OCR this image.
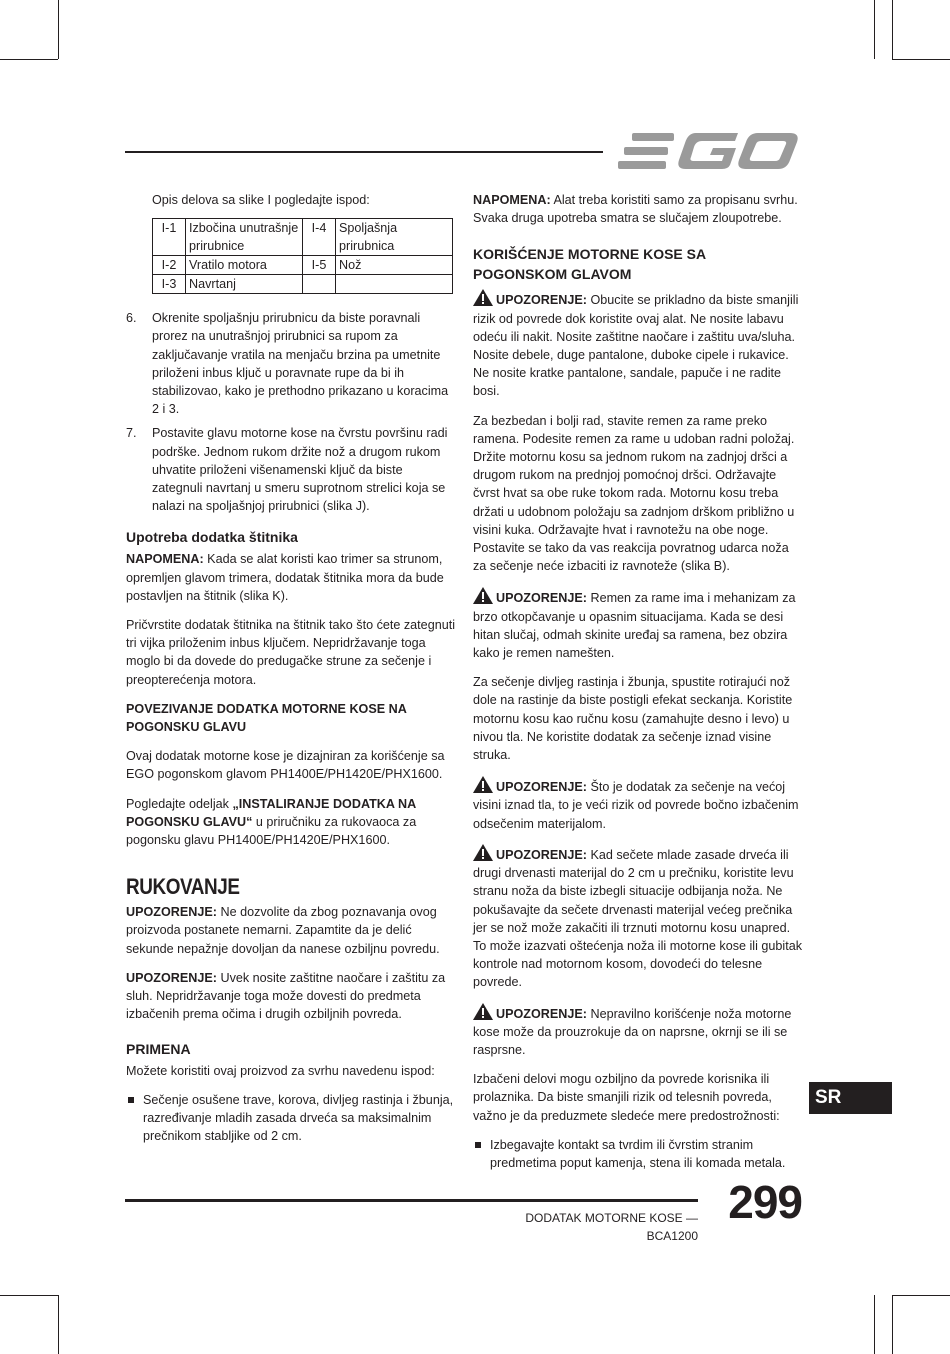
SR

Opis delova sa slike I pogledajte ispod:

I-1	Izbočina unutrašnje prirubnice	I-4	Spoljašnja prirubnica
I-2	Vratilo motora	I-5	Nož
I-3	Navrtanj		
6. Okrenite spoljašnju prirubnicu da biste poravnali prorez na unutrašnjoj prirubnici sa rupom za zaključavanje vratila na menjaču brzina pa umetnite priloženi inbus ključ u poravnate rupe da bi ih stabilizovao, kako je prethodno prikazano u koracima 2 i 3.

7. Postavite glavu motorne kose na čvrstu površinu radi podrške. Jednom rukom držite nož a drugom rukom uhvatite priloženi višenamenski ključ da biste zategnuli navrtanj u smeru suprotnom strelici koja se nalazi na spoljašnjoj prirubnici (slika J).

Upotreba dodatka štitnika

NAPOMENA: Kada se alat koristi kao trimer sa strunom, opremljen glavom trimera, dodatak štitnika mora da bude postavljen na štitnik (slika K).

Pričvrstite dodatak štitnika na štitnik tako što ćete zategnuti tri vijka priloženim inbus ključem. Nepridržavanje toga moglo bi da dovede do predugačke strune za sečenje i preopterećenja motora.

POVEZIVANJE DODATKA MOTORNE KOSE NA POGONSKU GLAVU

Ovaj dodatak motorne kose je dizajniran za korišćenje sa EGO pogonskom glavom PH1400E/PH1420E/PHX1600.

Pogledajte odeljak „INSTALIRANJE DODATKA NA POGONSKU GLAVU“ u priručniku za rukovaoca za pogonsku glavu PH1400E/PH1420E/PHX1600.

RUKOVANJE

UPOZORENJE: Ne dozvolite da zbog poznavanja ovog proizvoda postanete nemarni. Zapamtite da je delić sekunde nepažnje dovoljan da nanese ozbiljnu povredu.

UPOZORENJE: Uvek nosite zaštitne naočare i zaštitu za sluh. Nepridržavanje toga može dovesti do predmeta izbačenih prema očima i drugih ozbiljnih povreda.

PRIMENA

Možete koristiti ovaj proizvod za svrhu navedenu ispod:

Sečenje osušene trave, korova, divljeg rastinja i žbunja, razređivanje mladih zasada drveća sa maksimalnim prečnikom stabljike od 2 cm.

NAPOMENA: Alat treba koristiti samo za propisanu svrhu. Svaka druga upotreba smatra se slučajem zloupotrebe.

KORIŠĆENJE MOTORNE KOSE SA POGONSKOM GLAVOM

UPOZORENJE: Obucite se prikladno da biste smanjili rizik od povrede dok koristite ovaj alat. Ne nosite labavu odeću ili nakit. Nosite zaštitne naočare i zaštitu uva/sluha. Nosite debele, duge pantalone, duboke cipele i rukavice. Ne nosite kratke pantalone, sandale, papuče i ne radite bosi.

Za bezbedan i bolji rad, stavite remen za rame preko ramena. Podesite remen za rame u udoban radni položaj. Držite motornu kosu sa jednom rukom na zadnjoj dršci a drugom rukom na prednjoj pomoćnoj dršci. Održavajte čvrst hvat sa obe ruke tokom rada. Motornu kosu treba držati u udobnom položaju sa zadnjom drškom približno u visini kuka. Održavajte hvat i ravnotežu na obe noge. Postavite se tako da vas reakcija povratnog udarca noža za sečenje neće izbaciti iz ravnoteže (slika B).

UPOZORENJE: Remen za rame ima i mehanizam za brzo otkopčavanje u opasnim situacijama. Kada se desi hitan slučaj, odmah skinite uređaj sa ramena, bez obzira kako je remen namešten.

Za sečenje divljeg rastinja i žbunja, spustite rotirajući nož dole na rastinje da biste postigli efekat seckanja. Koristite motornu kosu kao ručnu kosu (zamahujte desno i levo) u nivou tla. Ne koristite dodatak za sečenje iznad visine struka.

UPOZORENJE: Što je dodatak za sečenje na većoj visini iznad tla, to je veći rizik od povrede bočno izbačenim odsečenim materijalom.

UPOZORENJE: Kad sečete mlade zasade drveća ili drugi drvenasti materijal do 2 cm u prečniku, koristite levu stranu noža da biste izbegli situacije odbijanja noža. Ne pokušavajte da sečete drvenasti materijal većeg prečnika jer se nož može zakačiti ili trznuti motornu kosu unapred. To može izazvati oštećenja noža ili motorne kose ili gubitak kontrole nad motornom kosom, dovodeći do telesne povrede.

UPOZORENJE: Nepravilno korišćenje noža motorne kose može da prouzrokuje da on naprsne, okrnji se ili se rasprsne.

Izbačeni delovi mogu ozbiljno da povrede korisnika ili prolaznika. Da biste smanjili rizik od telesnih povreda, važno je da preduzmete sledeće mere predostrožnosti:

Izbegavajte kontakt sa tvrdim ili čvrstim stranim predmetima poput kamenja, stena ili komada metala.

DODATAK MOTORNE KOSE — BCA1200
299
